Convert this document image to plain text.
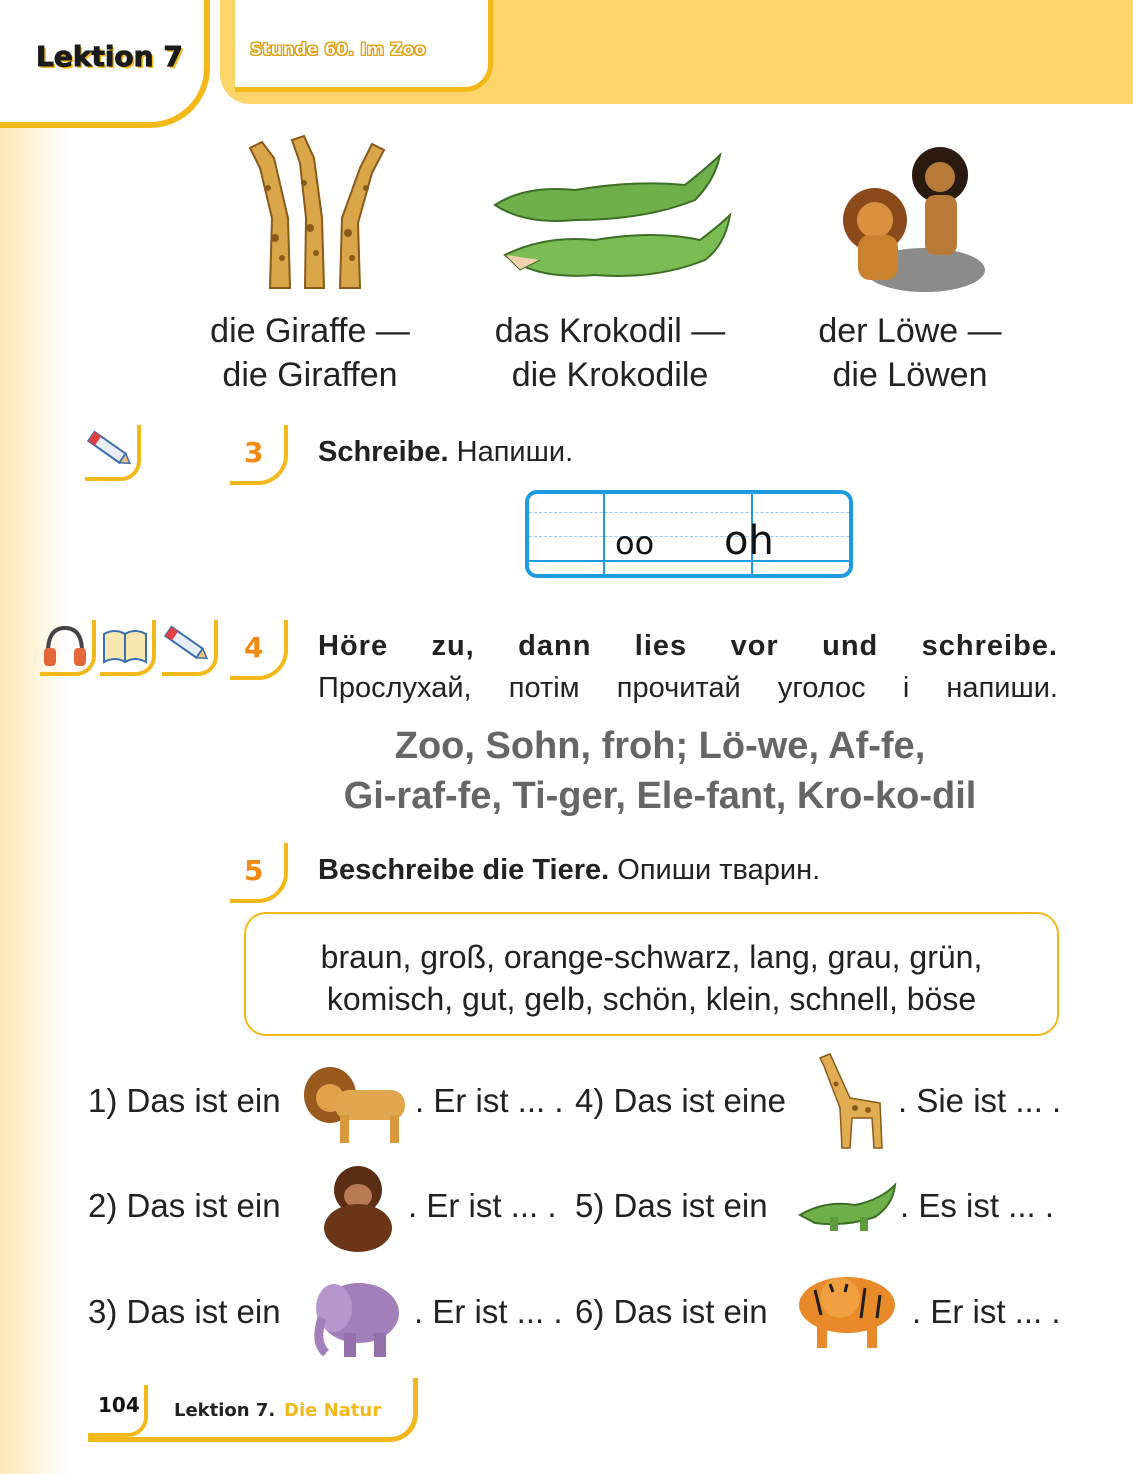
Lektion 7	Stunde 60. Im Zoo
die Giraffe —
die Giraffen
das Krokodil —
die Krokodile
der Löwe —
die Löwen
3 Schreibe. Напиши.
oo oh
4 Höre zu, dann lies vor und schreibe.
Прослухай, потім прочитай уголос і напиши.
Zoo, Sohn, froh; Lö-we, Af-fe,
Gi-raf-fe, Ti-ger, Ele-fant, Kro-ko-dil
5 Beschreibe die Tiere. Опиши тварин.
braun, groß, orange-schwarz, lang, grau, grün,
komisch, gut, gelb, schön, klein, schnell, böse
1) Das ist ein	. Er ist ... .
2) Das ist ein	. Er ist ... .
3) Das ist ein	. Er ist ... .
4) Das ist eine	. Sie ist ... .
5) Das ist ein	. Es ist ... .
6) Das ist ein	. Er ist ... .
104 Lektion 7. Die Natur
